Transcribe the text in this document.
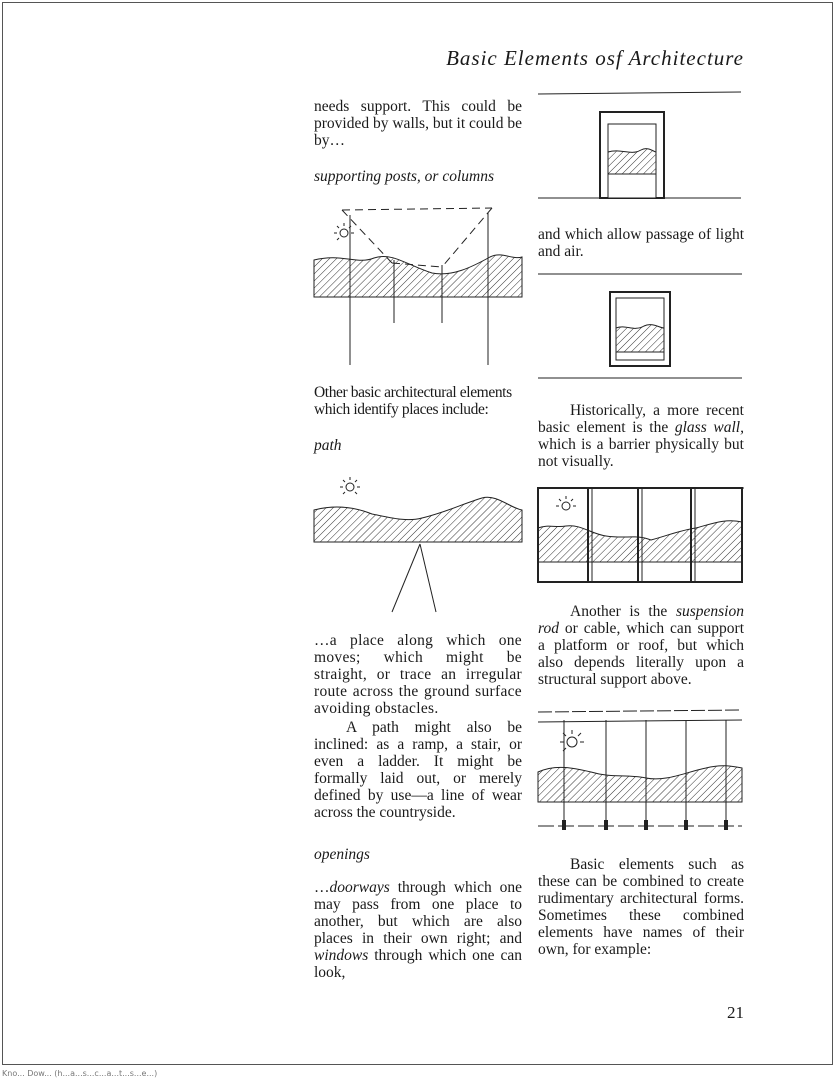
Basic Elements osf Architecture

needs support. This could be provided by walls, but it could be by…

supporting posts, or columns
Other basic architectural elements which identify places include:
path
…a place along which one moves; which might be straight, or trace an irregular route across the ground surface avoiding obstacles.
A path might also be inclined: as a ramp, a stair, or even a ladder. It might be formally laid out, or merely defined by use—a line of wear across the countryside.
openings
…doorways through which one may pass from one place to another, but which are also places in their own right; and windows through which one can look,
and which allow passage of light and air.
Historically, a more recent basic element is the glass wall, which is a barrier physically but not visually.
Another is the suspension rod or cable, which can support a platform or roof, but which also depends literally upon a structural support above.
Basic elements such as these can be combined to create rudimentary architectural forms. Sometimes these combined elements have names of their own, for example:
21
Kno... Dow... (h...a...s...c...a...t...s...e...)
